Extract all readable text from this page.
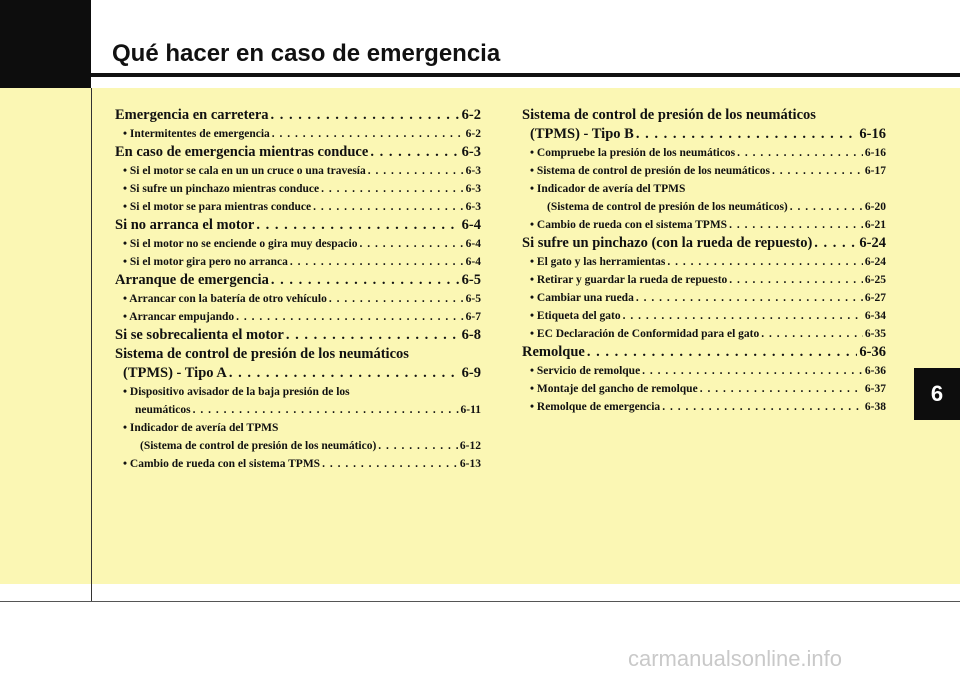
Qué hacer en caso de emergencia
Emergencia en carretera . . .	6-2
• Intermitentes de emergencia . . .	6-2
En caso de emergencia mientras conduce . . .	6-3
• Si el motor se cala en un un cruce o una travesía . . .	6-3
• Si sufre un pinchazo mientras conduce . . .	6-3
• Si el motor se para mientras conduce . . .	6-3
Si no arranca el motor . . .	6-4
• Si el motor no se enciende o gira muy despacio . . .	6-4
• Si el motor gira pero no arranca . . .	6-4
Arranque de emergencia . . .	6-5
• Arrancar con la batería de otro vehículo . . .	6-5
• Arrancar empujando . . .	6-7
Si se sobrecalienta el motor . . .	6-8
Sistema de control de presión de los neumáticos
(TPMS) - Tipo A . . .	6-9
• Dispositivo avisador de la baja presión de los
neumáticos . . .	6-11
• Indicador de avería del TPMS
(Sistema de control de presión de los neumático) . . .	6-12
• Cambio de rueda con el sistema TPMS . . .	6-13
Sistema de control de presión de los neumáticos
(TPMS) - Tipo B . . .	6-16
• Compruebe la presión de los neumáticos . . .	6-16
• Sistema de control de presión de los neumáticos . . .	6-17
• Indicador de avería del TPMS
(Sistema de control de presión de los neumáticos) . . .	6-20
• Cambio de rueda con el sistema TPMS . . .	6-21
Si sufre un pinchazo (con la rueda de repuesto) . . .	6-24
• El gato y las herramientas . . .	6-24
• Retirar y guardar la rueda de repuesto . . .	6-25
• Cambiar una rueda . . .	6-27
• Etiqueta del gato . . .	6-34
• EC Declaración de Conformidad para el gato . . .	6-35
Remolque . . .	6-36
• Servicio de remolque . . .	6-36
• Montaje del gancho de remolque . . .	6-37
• Remolque de emergencia . . .	6-38
6
carmanualsonline.info
